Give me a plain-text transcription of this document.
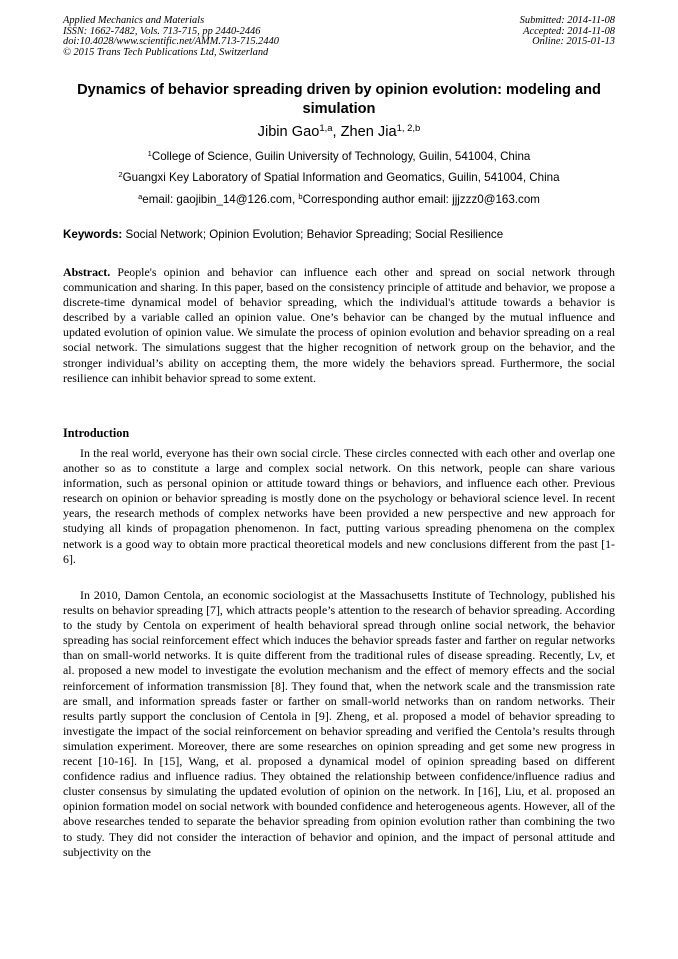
Applied Mechanics and Materials
ISSN: 1662-7482, Vols. 713-715, pp 2440-2446
doi:10.4028/www.scientific.net/AMM.713-715.2440
© 2015 Trans Tech Publications Ltd, Switzerland
Submitted: 2014-11-08
Accepted: 2014-11-08
Online: 2015-01-13
Dynamics of behavior spreading driven by opinion evolution: modeling and simulation
Jibin Gao$^{1,a}$, Zhen Jia$^{1, 2,b}$
$^1$College of Science, Guilin University of Technology, Guilin, 541004, China
$^2$Guangxi Key Laboratory of Spatial Information and Geomatics, Guilin, 541004, China
$^a$email: gaojibin_14@126.com, $^b$Corresponding author email: jjjzzz0@163.com
Keywords: Social Network; Opinion Evolution; Behavior Spreading; Social Resilience
Abstract. People's opinion and behavior can influence each other and spread on social network through communication and sharing. In this paper, based on the consistency principle of attitude and behavior, we propose a discrete-time dynamical model of behavior spreading, which the individual's attitude towards a behavior is described by a variable called an opinion value. One’s behavior can be changed by the mutual influence and updated evolution of opinion value. We simulate the process of opinion evolution and behavior spreading on a real social network. The simulations suggest that the higher recognition of network group on the behavior, and the stronger individual’s ability on accepting them, the more widely the behaviors spread. Furthermore, the social resilience can inhibit behavior spread to some extent.
Introduction

In the real world, everyone has their own social circle. These circles connected with each other and overlap one another so as to constitute a large and complex social network. On this network, people can share various information, such as personal opinion or attitude toward things or behaviors, and influence each other. Previous research on opinion or behavior spreading is mostly done on the psychology or behavioral science level. In recent years, the research methods of complex networks have been provided a new perspective and new approach for studying all kinds of propagation phenomenon. In fact, putting various spreading phenomena on the complex network is a good way to obtain more practical theoretical models and new conclusions different from the past [1-6].

In 2010, Damon Centola, an economic sociologist at the Massachusetts Institute of Technology, published his results on behavior spreading [7], which attracts people’s attention to the research of behavior spreading. According to the study by Centola on experiment of health behavioral spread through online social network, the behavior spreading has social reinforcement effect which induces the behavior spreads faster and farther on regular networks than on small-world networks. It is quite different from the traditional rules of disease spreading. Recently, Lv, et al. proposed a new model to investigate the evolution mechanism and the effect of memory effects and the social reinforcement of information transmission [8]. They found that, when the network scale and the transmission rate are small, and information spreads faster or farther on small-world networks than on random networks. Their results partly support the conclusion of Centola in [9]. Zheng, et al. proposed a model of behavior spreading to investigate the impact of the social reinforcement on behavior spreading and verified the Centola’s results through simulation experiment. Moreover, there are some researches on opinion spreading and get some new progress in recent [10-16]. In [15], Wang, et al. proposed a dynamical model of opinion spreading based on different confidence radius and influence radius. They obtained the relationship between confidence/influence radius and cluster consensus by simulating the updated evolution of opinion on the network. In [16], Liu, et al. proposed an opinion formation model on social network with bounded confidence and heterogeneous agents. However, all of the above researches tended to separate the behavior spreading from opinion evolution rather than combining the two to study. They did not consider the interaction of behavior and opinion, and the impact of personal attitude and subjectivity on the
